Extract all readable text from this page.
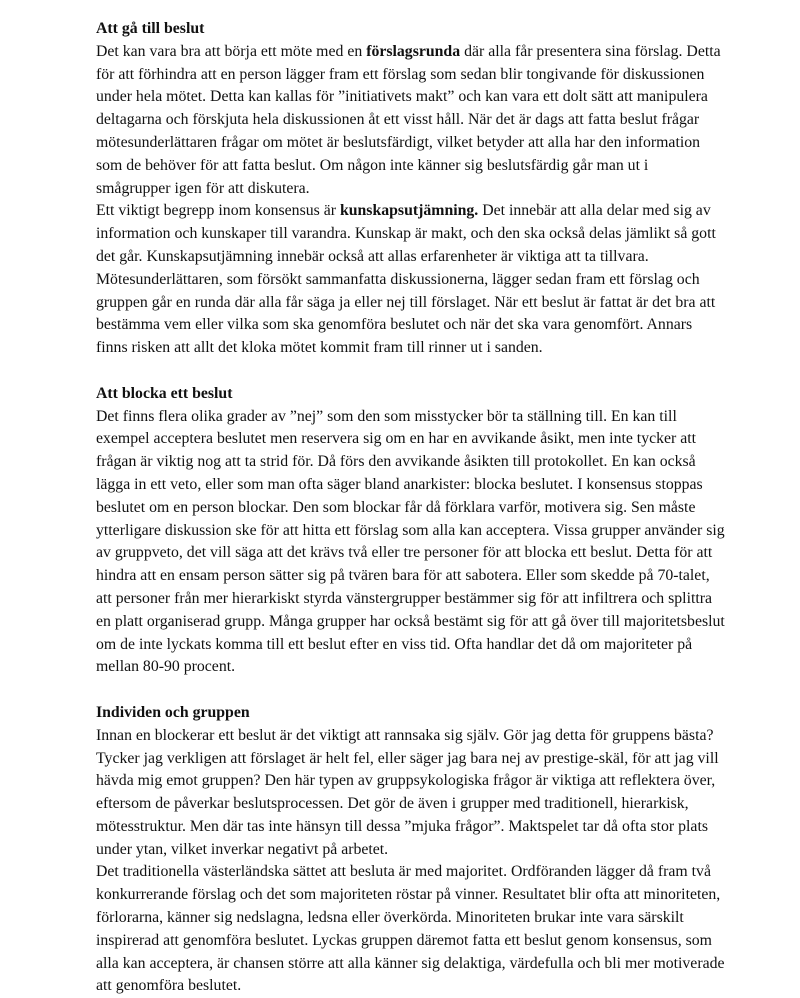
Att gå till beslut

Det kan vara bra att börja ett möte med en förslagsrunda där alla får presentera sina förslag. Detta för att förhindra att en person lägger fram ett förslag som sedan blir tongivande för diskussionen under hela mötet. Detta kan kallas för ”initiativets makt” och kan vara ett dolt sätt att manipulera deltagarna och förskjuta hela diskussionen åt ett visst håll. När det är dags att fatta beslut frågar mötesunderlättaren frågar om mötet är beslutsfärdigt, vilket betyder att alla har den information som de behöver för att fatta beslut. Om någon inte känner sig beslutsfärdig går man ut i smågrupper igen för att diskutera.

Ett viktigt begrepp inom konsensus är kunskapsutjämning. Det innebär att alla delar med sig av information och kunskaper till varandra. Kunskap är makt, och den ska också delas jämlikt så gott det går. Kunskapsutjämning innebär också att allas erfarenheter är viktiga att ta tillvara.

Mötesunderlättaren, som försökt sammanfatta diskussionerna, lägger sedan fram ett förslag och gruppen går en runda där alla får säga ja eller nej till förslaget. När ett beslut är fattat är det bra att bestämma vem eller vilka som ska genomföra beslutet och när det ska vara genomfört. Annars finns risken att allt det kloka mötet kommit fram till rinner ut i sanden.

Att blocka ett beslut

Det finns flera olika grader av ”nej” som den som misstycker bör ta ställning till. En kan till exempel acceptera beslutet men reservera sig om en har en avvikande åsikt, men inte tycker att frågan är viktig nog att ta strid för. Då förs den avvikande åsikten till protokollet. En kan också lägga in ett veto, eller som man ofta säger bland anarkister: blocka beslutet. I konsensus stoppas beslutet om en person blockar. Den som blockar får då förklara varför, motivera sig. Sen måste ytterligare diskussion ske för att hitta ett förslag som alla kan acceptera. Vissa grupper använder sig av gruppveto, det vill säga att det krävs två eller tre personer för att blocka ett beslut. Detta för att hindra att en ensam person sätter sig på tvären bara för att sabotera. Eller som skedde på 70-talet, att personer från mer hierarkiskt styrda vänstergrupper bestämmer sig för att infiltrera och splittra en platt organiserad grupp. Många grupper har också bestämt sig för att gå över till majoritetsbeslut om de inte lyckats komma till ett beslut efter en viss tid. Ofta handlar det då om majoriteter på mellan 80-90 procent.

Individen och gruppen

Innan en blockerar ett beslut är det viktigt att rannsaka sig själv. Gör jag detta för gruppens bästa? Tycker jag verkligen att förslaget är helt fel, eller säger jag bara nej av prestige-skäl, för att jag vill hävda mig emot gruppen? Den här typen av gruppsykologiska frågor är viktiga att reflektera över, eftersom de påverkar beslutsprocessen. Det gör de även i grupper med traditionell, hierarkisk, mötesstruktur. Men där tas inte hänsyn till dessa ”mjuka frågor”. Maktspelet tar då ofta stor plats under ytan, vilket inverkar negativt på arbetet.

Det traditionella västerländska sättet att besluta är med majoritet. Ordföranden lägger då fram två konkurrerande förslag och det som majoriteten röstar på vinner. Resultatet blir ofta att minoriteten, förlorarna, känner sig nedslagna, ledsna eller överkörda. Minoriteten brukar inte vara särskilt inspirerad att genomföra beslutet. Lyckas gruppen däremot fatta ett beslut genom konsensus, som alla kan acceptera, är chansen större att alla känner sig delaktiga, värdefulla och bli mer motiverade att genomföra beslutet.
